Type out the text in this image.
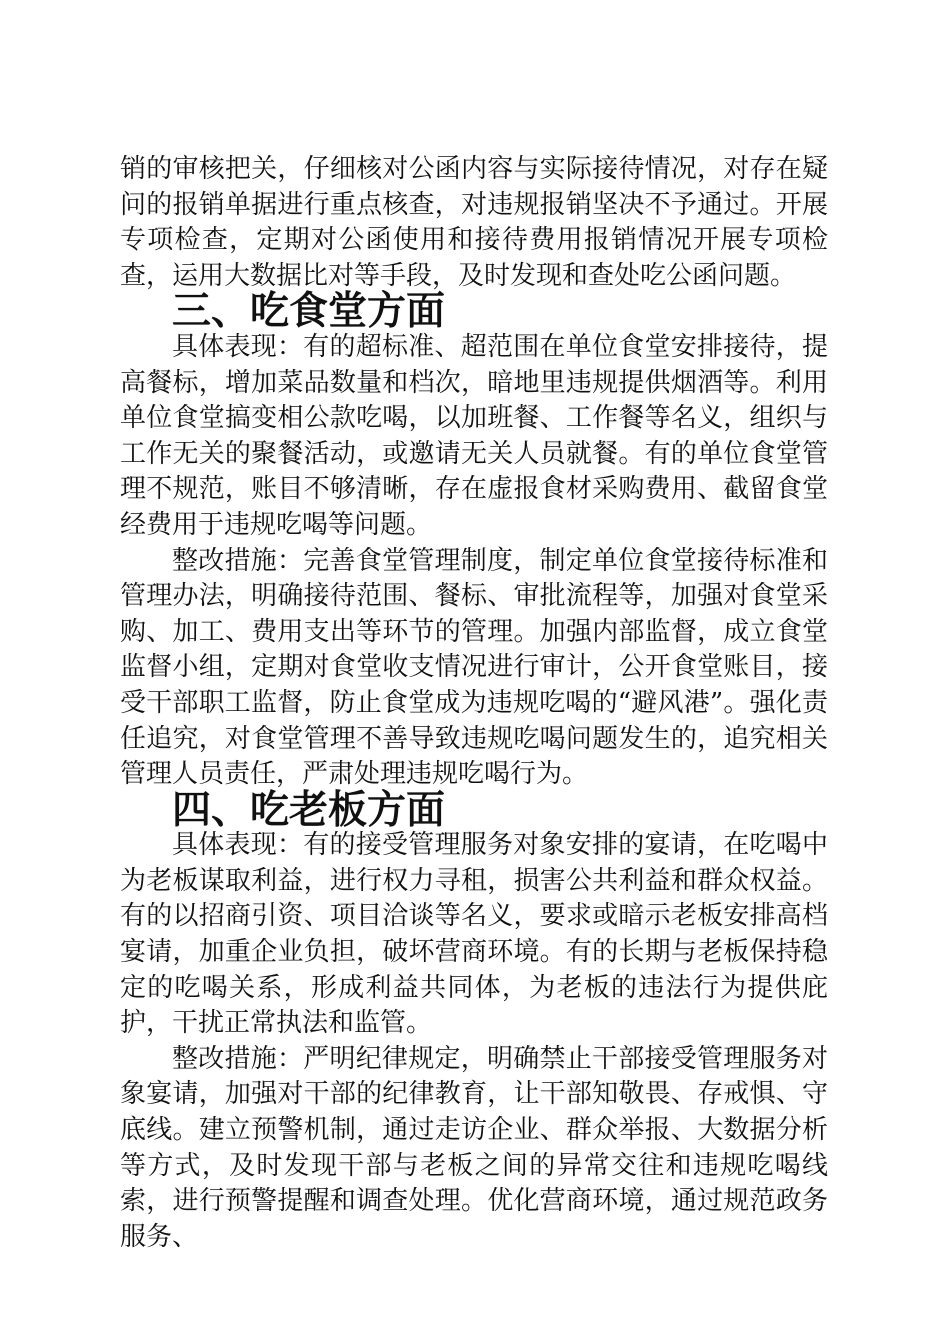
销的审核把关，仔细核对公函内容与实际接待情况，对存在疑问的报销单据进行重点核查，对违规报销坚决不予通过。开展专项检查，定期对公函使用和接待费用报销情况开展专项检查，运用大数据比对等手段，及时发现和查处吃公函问题。

三、吃食堂方面

具体表现：有的超标准、超范围在单位食堂安排接待，提高餐标，增加菜品数量和档次，暗地里违规提供烟酒等。利用单位食堂搞变相公款吃喝，以加班餐、工作餐等名义，组织与工作无关的聚餐活动，或邀请无关人员就餐。有的单位食堂管理不规范，账目不够清晰，存在虚报食材采购费用、截留食堂经费用于违规吃喝等问题。

整改措施：完善食堂管理制度，制定单位食堂接待标准和管理办法，明确接待范围、餐标、审批流程等，加强对食堂采购、加工、费用支出等环节的管理。加强内部监督，成立食堂监督小组，定期对食堂收支情况进行审计，公开食堂账目，接受干部职工监督，防止食堂成为违规吃喝的“避风港”。强化责任追究，对食堂管理不善导致违规吃喝问题发生的，追究相关管理人员责任，严肃处理违规吃喝行为。

四、吃老板方面

具体表现：有的接受管理服务对象安排的宴请，在吃喝中为老板谋取利益，进行权力寻租，损害公共利益和群众权益。有的以招商引资、项目洽谈等名义，要求或暗示老板安排高档宴请，加重企业负担，破坏营商环境。有的长期与老板保持稳定的吃喝关系，形成利益共同体，为老板的违法行为提供庇护，干扰正常执法和监管。

整改措施：严明纪律规定，明确禁止干部接受管理服务对象宴请，加强对干部的纪律教育，让干部知敬畏、存戒惧、守底线。建立预警机制，通过走访企业、群众举报、大数据分析等方式，及时发现干部与老板之间的异常交往和违规吃喝线索，进行预警提醒和调查处理。优化营商环境，通过规范政务服务、
